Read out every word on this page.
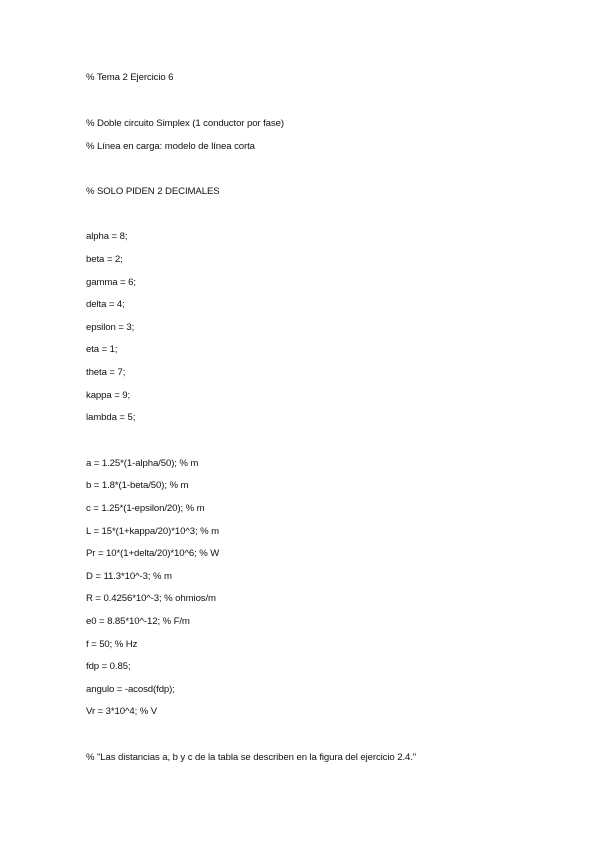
% Tema 2 Ejercicio 6
% Doble circuito Simplex (1 conductor por fase)
% Línea en carga: modelo de línea corta
% SOLO PIDEN 2 DECIMALES
alpha = 8;
beta = 2;
gamma = 6;
delta = 4;
epsilon = 3;
eta = 1;
theta = 7;
kappa = 9;
lambda = 5;
a = 1.25*(1-alpha/50); % m
b = 1.8*(1-beta/50); % m
c = 1.25*(1-epsilon/20); % m
L = 15*(1+kappa/20)*10^3; % m
Pr = 10*(1+delta/20)*10^6; % W
D = 11.3*10^-3; % m
R = 0.4256*10^-3; % ohmios/m
e0 = 8.85*10^-12; % F/m
f = 50; % Hz
fdp = 0.85;
angulo = -acosd(fdp);
Vr = 3*10^4; % V
% "Las distancias a, b y c de la tabla se describen en la figura del ejercicio 2.4."
